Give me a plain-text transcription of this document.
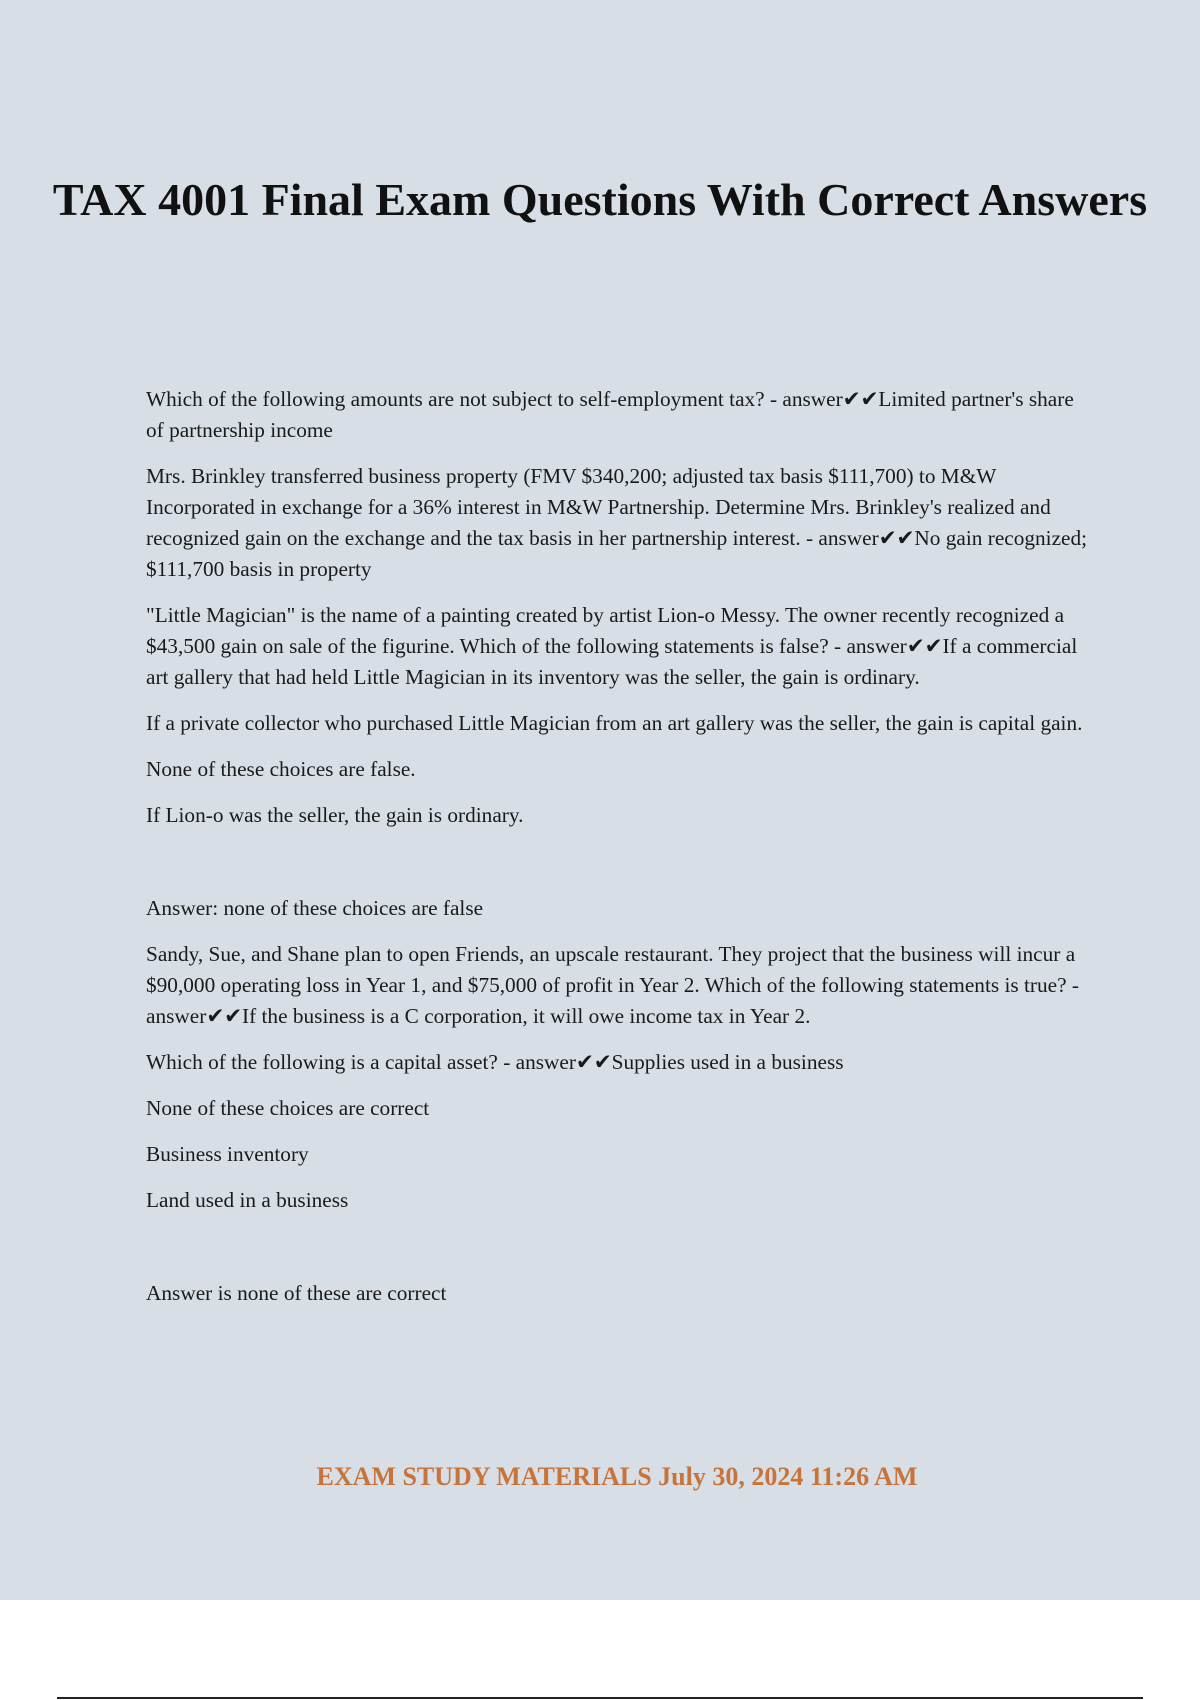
TAX 4001 Final Exam Questions With Correct Answers

Which of the following amounts are not subject to self-employment tax? - answer✔✔Limited partner's share of partnership income

Mrs. Brinkley transferred business property (FMV $340,200; adjusted tax basis $111,700) to M&W Incorporated in exchange for a 36% interest in M&W Partnership. Determine Mrs. Brinkley's realized and recognized gain on the exchange and the tax basis in her partnership interest. - answer✔✔No gain recognized; $111,700 basis in property

"Little Magician" is the name of a painting created by artist Lion-o Messy. The owner recently recognized a $43,500 gain on sale of the figurine. Which of the following statements is false? - answer✔✔If a commercial art gallery that had held Little Magician in its inventory was the seller, the gain is ordinary.

If a private collector who purchased Little Magician from an art gallery was the seller, the gain is capital gain.

None of these choices are false.

If Lion-o was the seller, the gain is ordinary.

Answer: none of these choices are false

Sandy, Sue, and Shane plan to open Friends, an upscale restaurant. They project that the business will incur a $90,000 operating loss in Year 1, and $75,000 of profit in Year 2. Which of the following statements is true? - answer✔✔If the business is a C corporation, it will owe income tax in Year 2.

Which of the following is a capital asset? - answer✔✔Supplies used in a business

None of these choices are correct

Business inventory

Land used in a business

Answer is none of these are correct

EXAM STUDY MATERIALS July 30, 2024 11:26 AM
